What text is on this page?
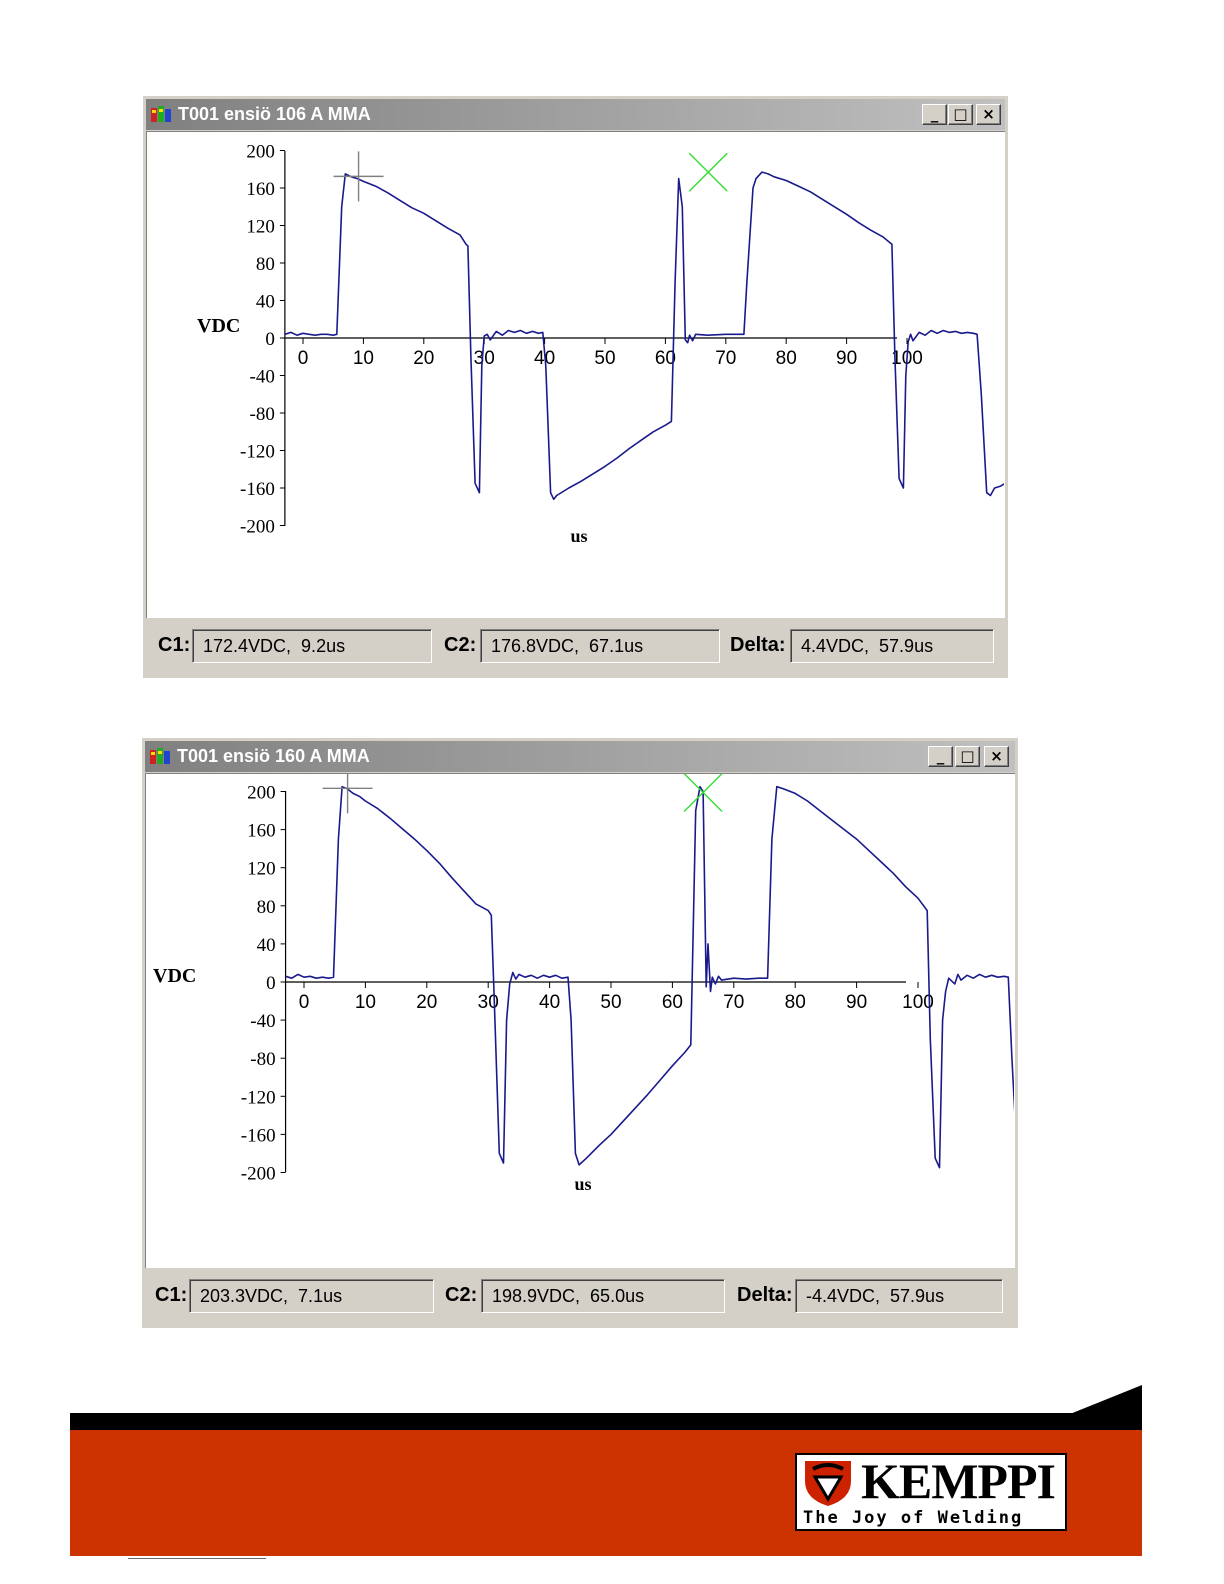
T001 ensiö 106 A MMA	_	□ ×
200
160
120
80
40
0
-40
-80
-120
-160
-200
0 10 20 30 40 50 60 70 80 90 100
VDC
us
C1: 172.4VDC,  9.2us	C2: 176.8VDC,  67.1us	Delta: 4.4VDC,  57.9us
T001 ensiö 160 A MMA	_	□	×
200
160
120
80
40
0
-40
-80
-120
-160
-200
0 10 20 30 40 50 60 70 80 90 100
VDC
us
C1: 203.3VDC,  7.1us	C2: 198.9VDC,  65.0us	Delta: -4.4VDC,  57.9us
KEMPPI
The Joy of Welding
